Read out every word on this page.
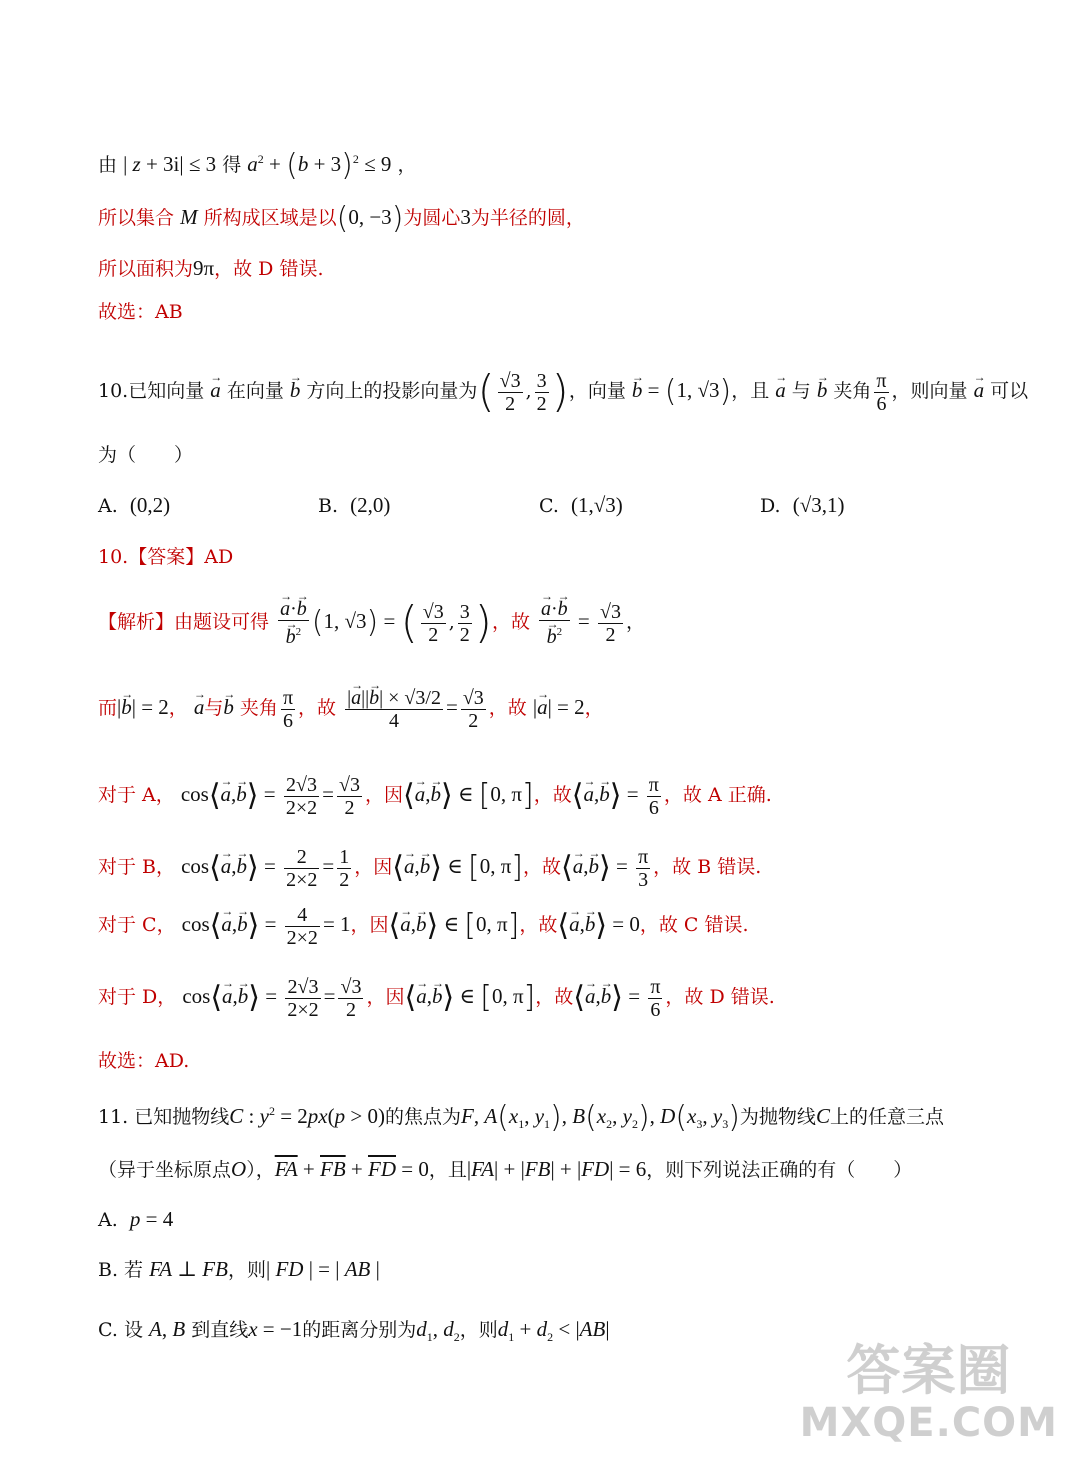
由 | z + 3i| ≤ 3 得 $a^2 + (b + 3)^2 \le 9$ ，
所以集合 M 所构成区域是以(0, −3)为圆心3为半径的圆，
所以面积为9π，故 D 错误.
故选：AB
10.已知向量 → a 在向量 → b 方向上的投影向量为( $\frac{√3}{2}$ , $\frac{3}{2}$ )，向量 → b = (1, √3)，且 → a 与 → b 夹角 $\frac{\pi}{6}$ ，则向量 → a 可以
为（　　）
A. (0,2)	B. (2,0)	C. (1,√3)	D. (√3,1)
10.【答案】AD
【解析】由题设可得 → a·→ b
→ $b^2$ (1, √3) = ( $\frac{√3}{2}$ , $\frac{3}{2}$ )，故 → a·→ b
→ $b^2 = \frac{√3}{2}$ ，
而|→ b| = 2， → a与→ b 夹角 $\frac{\pi}{6}$ ，故 $\frac{|\to a||\to b| \times √3/2}{4} = \frac{√3}{2}$ ，故 |→ a| = 2，
对于 A， cos⟨→ a,→ b⟩ = $\frac{2√3}{2\times 2} = \frac{√3}{2}$ ，因⟨→ a,→ b⟩ ∈ [0, π]，故⟨→ a,→ b⟩ = $\frac{\pi}{6}$ ，故 A 正确.
对于 B， cos⟨→ a,→ b⟩ = $\frac{2}{2\times 2} = \frac{1}{2}$ ，因⟨→ a,→ b⟩ ∈ [0, π]，故⟨→ a,→ b⟩ = $\frac{\pi}{3}$ ，故 B 错误.
对于 C， cos⟨→ a,→ b⟩ = $\frac{4}{2\times 2} = 1$，因⟨→ a,→ b⟩ ∈ [0, π]，故⟨→ a,→ b⟩ = 0，故 C 错误.
对于 D， cos⟨→ a,→ b⟩ = $\frac{2√3}{2\times 2} = \frac{√3}{2}$ ，因⟨→ a,→ b⟩ ∈ [0, π]，故⟨→ a,→ b⟩ = $\frac{\pi}{6}$ ，故 D 错误.
故选：AD.
11. 已知抛物线C : $y^2 = 2px(p > 0)$的焦点为F, $A(x_1$, $y_1$), $B(x_2$, $y_2$), $D(x_3$, $y_3$)为抛物线C上的任意三点
（异于坐标原点O），$\overline{FA} + \overline{FB} + \overline{FD} = 0$，且|FA| + |FB| + |FD| = 6，则下列说法正确的有（　　）
A. p = 4
B. 若 FA ⊥ FB，则| FD | = | AB |
C. 设 A, B 到直线x = −1的距离分别为$d_1$, $d_2$，则$d_1 + d_2 < |AB|$
答案圈
MXQE.COM
